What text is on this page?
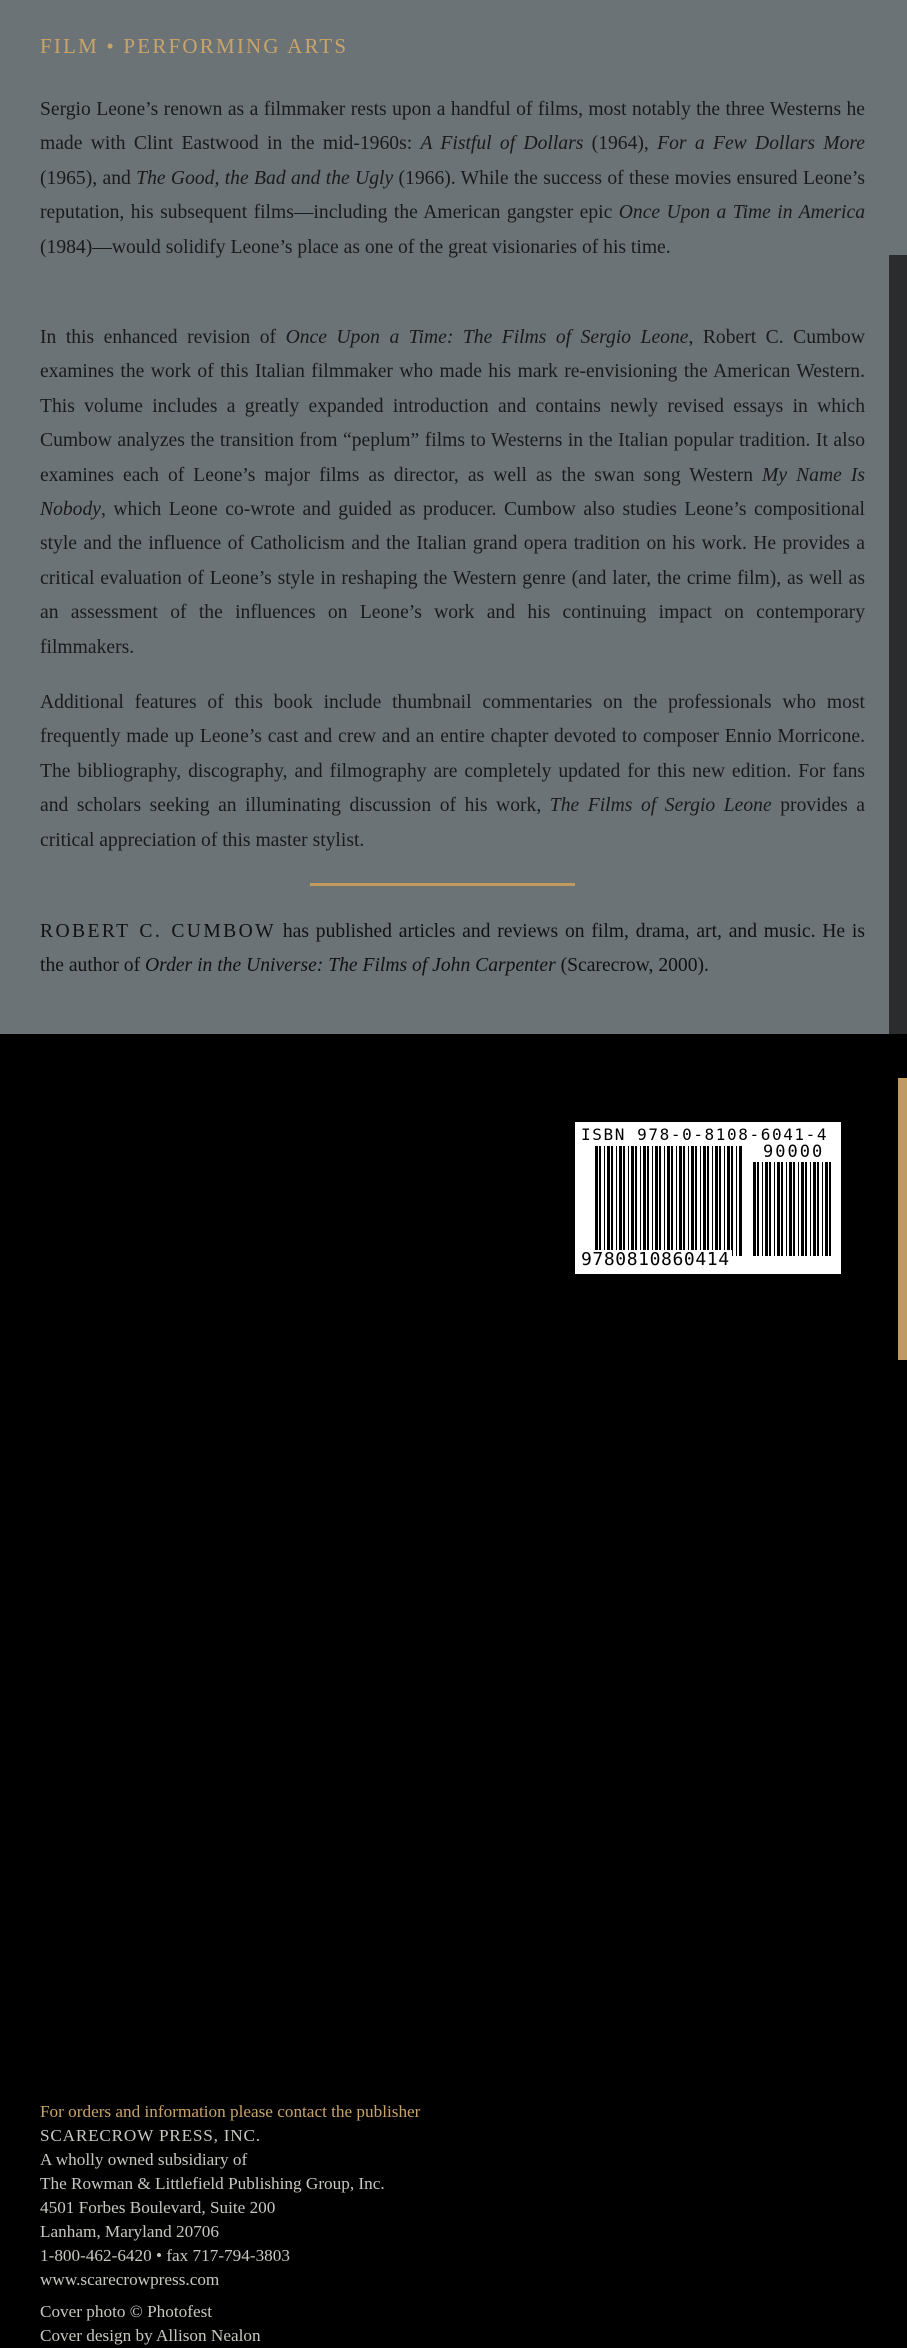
FILM • PERFORMING ARTS

Sergio Leone’s renown as a filmmaker rests upon a handful of films, most notably the three Westerns he made with Clint Eastwood in the mid-1960s: A Fistful of Dollars (1964), For a Few Dollars More (1965), and The Good, the Bad and the Ugly (1966). While the success of these movies ensured Leone’s reputation, his subsequent films—including the American gangster epic Once Upon a Time in America (1984)—would solidify Leone’s place as one of the great visionaries of his time.

In this enhanced revision of Once Upon a Time: The Films of Sergio Leone, Robert C. Cumbow examines the work of this Italian filmmaker who made his mark re-envisioning the American Western. This volume includes a greatly expanded introduction and contains newly revised essays in which Cumbow analyzes the transition from “peplum” films to Westerns in the Italian popular tradition. It also examines each of Leone’s major films as director, as well as the swan song Western My Name Is Nobody, which Leone co-wrote and guided as producer. Cumbow also studies Leone’s compositional style and the influence of Catholicism and the Italian grand opera tradition on his work. He provides a critical evaluation of Leone’s style in reshaping the Western genre (and later, the crime film), as well as an assessment of the influences on Leone’s work and his continuing impact on contemporary filmmakers.

Additional features of this book include thumbnail commentaries on the professionals who most frequently made up Leone’s cast and crew and an entire chapter devoted to composer Ennio Morricone. The bibliography, discography, and filmography are completely updated for this new edition. For fans and scholars seeking an illuminating discussion of his work, The Films of Sergio Leone provides a critical appreciation of this master stylist.

ROBERT C. CUMBOW has published articles and reviews on film, drama, art, and music. He is the author of Order in the Universe: The Films of John Carpenter (Scarecrow, 2000).

For orders and information please contact the publisher
SCARECROW PRESS, INC.
A wholly owned subsidiary of
The Rowman & Littlefield Publishing Group, Inc.
4501 Forbes Boulevard, Suite 200
Lanham, Maryland 20706
1-800-462-6420 • fax 717-794-3803
www.scarecrowpress.com
Cover photo © Photofest
Cover design by Allison Nealon
ISBN 978-0-8108-6041-4
90000
9780810860414
